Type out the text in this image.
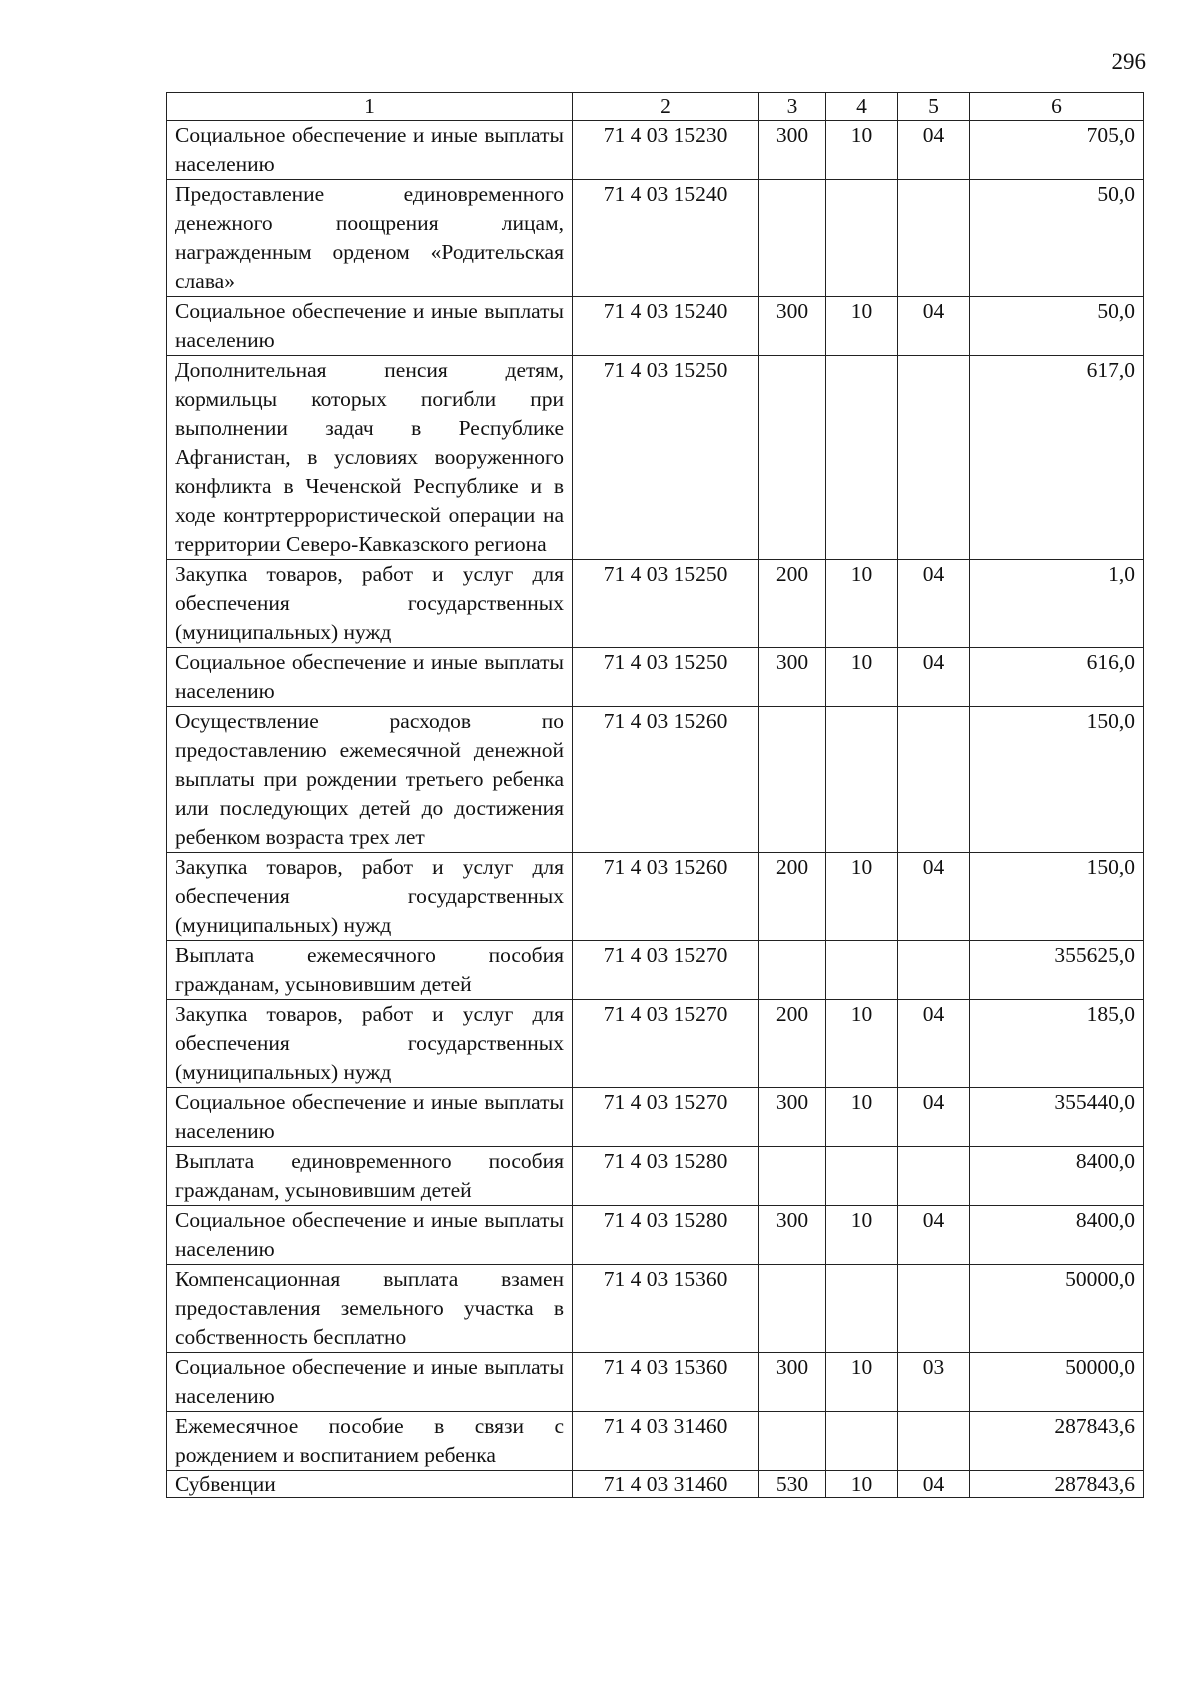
296
1	2	3	4	5	6
Социальное обеспечение и иные выплаты населению	71 4 03 15230	300	10	04	705,0
Предоставление единовременного денежного поощрения лицам, награжденным орденом «Родительская слава»	71 4 03 15240				50,0
Социальное обеспечение и иные выплаты населению	71 4 03 15240	300	10	04	50,0
Дополнительная пенсия детям, кормильцы которых погибли при выполнении задач в Республике Афганистан, в условиях вооруженного конфликта в Чеченской Республике и в ходе контртеррористической операции на территории Северо-Кавказского региона	71 4 03 15250				617,0
Закупка товаров, работ и услуг для обеспечения государственных (муниципальных) нужд	71 4 03 15250	200	10	04	1,0
Социальное обеспечение и иные выплаты населению	71 4 03 15250	300	10	04	616,0
Осуществление расходов по предоставлению ежемесячной денежной выплаты при рождении третьего ребенка или последующих детей до достижения ребенком возраста трех лет	71 4 03 15260				150,0
Закупка товаров, работ и услуг для обеспечения государственных (муниципальных) нужд	71 4 03 15260	200	10	04	150,0
Выплата ежемесячного пособия гражданам, усыновившим детей	71 4 03 15270				355625,0
Закупка товаров, работ и услуг для обеспечения государственных (муниципальных) нужд	71 4 03 15270	200	10	04	185,0
Социальное обеспечение и иные выплаты населению	71 4 03 15270	300	10	04	355440,0
Выплата единовременного пособия гражданам, усыновившим детей	71 4 03 15280				8400,0
Социальное обеспечение и иные выплаты населению	71 4 03 15280	300	10	04	8400,0
Компенсационная выплата взамен предоставления земельного участка в собственность бесплатно	71 4 03 15360				50000,0
Социальное обеспечение и иные выплаты населению	71 4 03 15360	300	10	03	50000,0
Ежемесячное пособие в связи с рождением и воспитанием ребенка	71 4 03 31460				287843,6
Субвенции	71 4 03 31460	530	10	04	287843,6
